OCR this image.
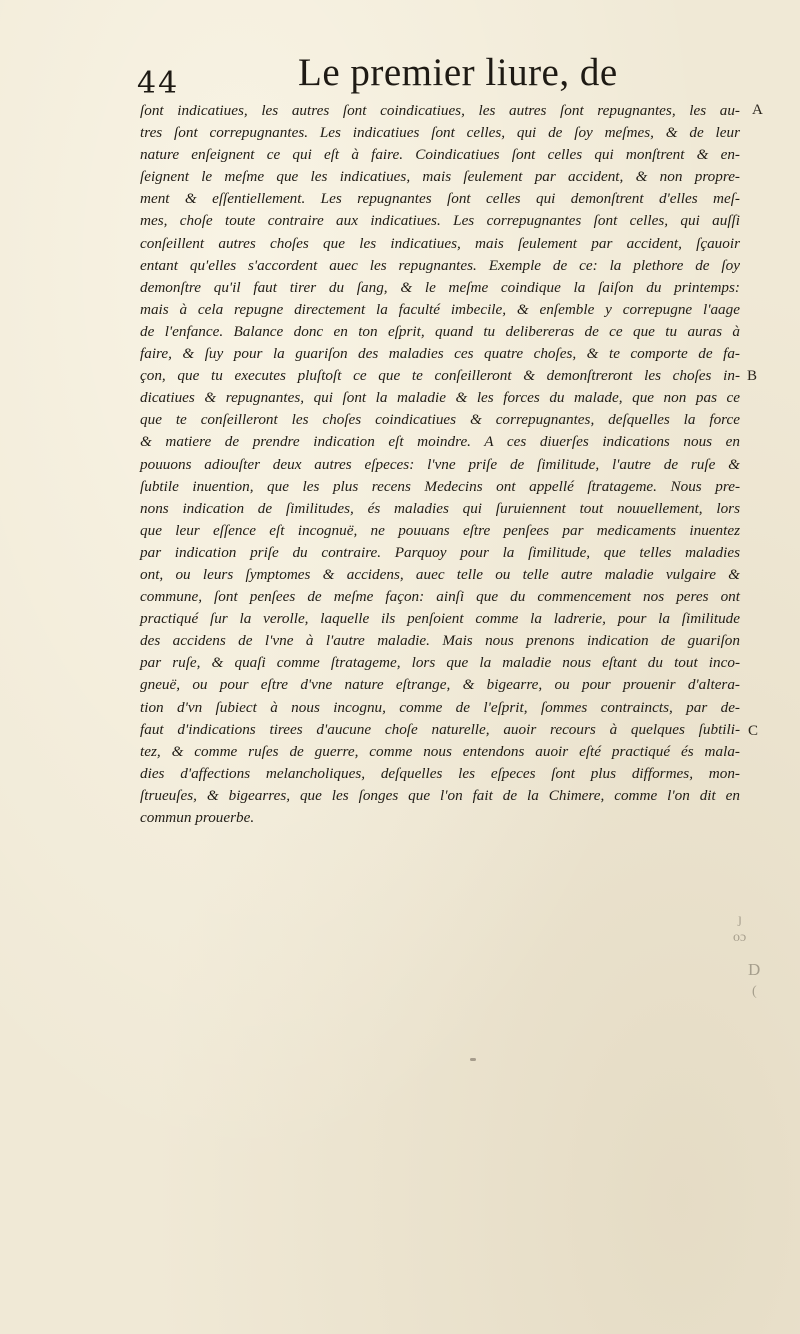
44	Le premier liure, de
ſont indicatiues, les autres ſont coindicatiues, les autres ſont repugnantes, les au-
tres ſont correpugnantes. Les indicatiues ſont celles, qui de ſoy meſmes, & de leur
nature enſeignent ce qui eſt à faire. Coindicatiues ſont celles qui monſtrent & en-
ſeignent le meſme que les indicatiues, mais ſeulement par accident, & non propre-
ment & eſſentiellement. Les repugnantes ſont celles qui demonſtrent d'elles meſ-
mes, choſe toute contraire aux indicatiues. Les correpugnantes ſont celles, qui auſſi
conſeillent autres choſes que les indicatiues, mais ſeulement par accident, ſçauoir
entant qu'elles s'accordent auec les repugnantes. Exemple de ce: la plethore de ſoy
demonſtre qu'il faut tirer du ſang, & le meſme coindique la ſaiſon du printemps:
mais à cela repugne directement la faculté imbecile, & enſemble y correpugne l'aage
de l'enfance. Balance donc en ton eſprit, quand tu delibereras de ce que tu auras à
faire, & ſuy pour la guariſon des maladies ces quatre choſes, & te comporte de fa-
çon, que tu executes pluſtoſt ce que te conſeilleront & demonſtreront les choſes in-
dicatiues & repugnantes, qui ſont la maladie & les forces du malade, que non pas ce
que te conſeilleront les choſes coindicatiues & correpugnantes, deſquelles la force
& matiere de prendre indication eſt moindre. A ces diuerſes indications nous en
pouuons adiouſter deux autres eſpeces: l'vne priſe de ſimilitude, l'autre de ruſe &
ſubtile inuention, que les plus recens Medecins ont appellé ſtratageme. Nous pre-
nons indication de ſimilitudes, és maladies qui ſuruiennent tout nouuellement, lors
que leur eſſence eſt incognuë, ne pouuans eſtre penſees par medicaments inuentez
par indication priſe du contraire. Parquoy pour la ſimilitude, que telles maladies
ont, ou leurs ſymptomes & accidens, auec telle ou telle autre maladie vulgaire &
commune, ſont penſees de meſme façon: ainſi que du commencement nos peres ont
practiqué ſur la verolle, laquelle ils penſoient comme la ladrerie, pour la ſimilitude
des accidens de l'vne à l'autre maladie. Mais nous prenons indication de guariſon
par ruſe, & quaſi comme ſtratageme, lors que la maladie nous eſtant du tout inco-
gneuë, ou pour eſtre d'vne nature eſtrange, & bigearre, ou pour prouenir d'altera-
tion d'vn ſubiect à nous incognu, comme de l'eſprit, ſommes contraincts, par de-
faut d'indications tirees d'aucune choſe naturelle, auoir recours à quelques ſubtili-
tez, & comme ruſes de guerre, comme nous entendons auoir eſté practiqué és mala-
dies d'affections melancholiques, deſquelles les eſpeces ſont plus difformes, mon-
ſtrueuſes, & bigearres, que les ſonges que l'on fait de la Chimere, comme l'on dit en
commun prouerbe.
A
B
C
ȷ
oɔ
D
(
